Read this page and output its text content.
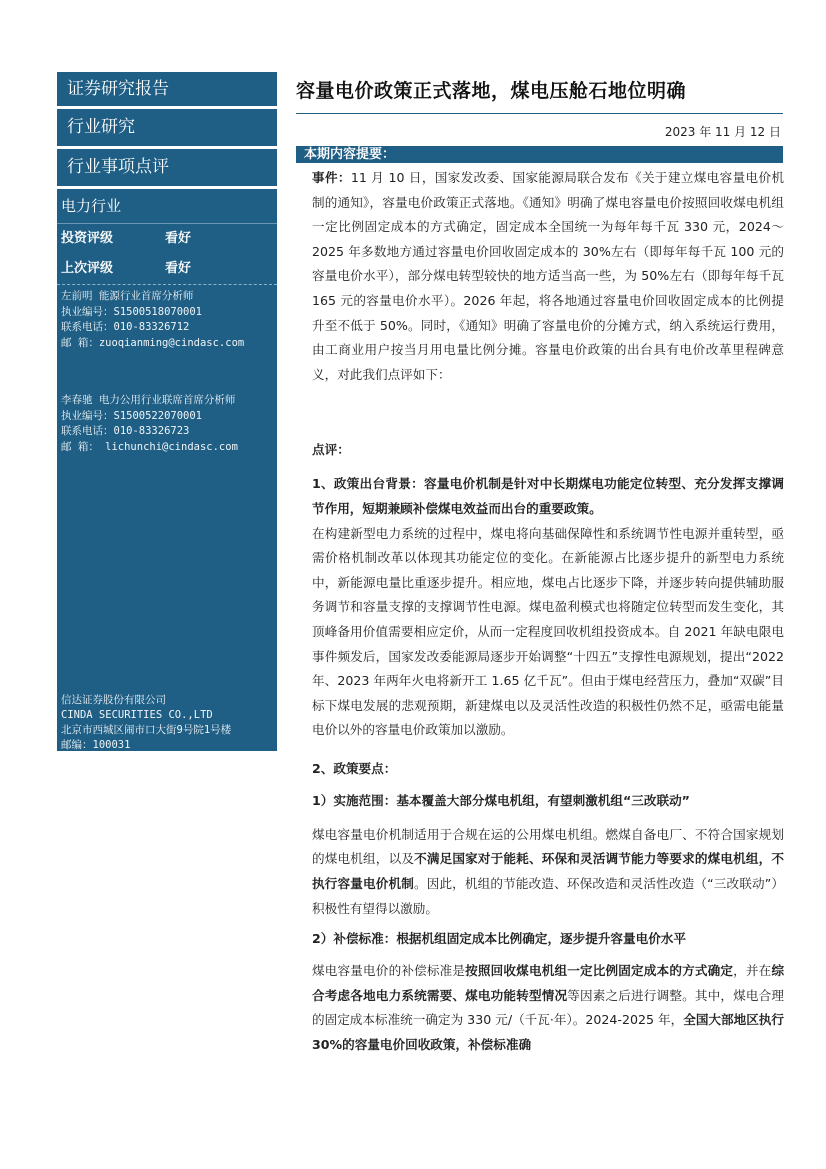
证券研究报告
行业研究
行业事项点评
电力行业
投资评级	看好
上次评级	看好
左前明 能源行业首席分析师
执业编号：S1500518070001
联系电话：010-83326712
邮 箱：zuoqianming@cindasc.com
李春驰 电力公用行业联席首席分析师
执业编号：S1500522070001
联系电话：010-83326723
邮 箱： lichunchi@cindasc.com
信达证券股份有限公司
CINDA SECURITIES CO.,LTD
北京市西城区闹市口大街9号院1号楼
邮编：100031
容量电价政策正式落地，煤电压舱石地位明确
2023 年 11 月 12 日
本期内容提要：

事件：11 月 10 日，国家发改委、国家能源局联合发布《关于建立煤电容量电价机制的通知》，容量电价政策正式落地。《通知》明确了煤电容量电价按照回收煤电机组一定比例固定成本的方式确定，固定成本全国统一为每年每千瓦 330 元，2024～2025 年多数地方通过容量电价回收固定成本的 30%左右（即每年每千瓦 100 元的容量电价水平），部分煤电转型较快的地方适当高一些，为 50%左右（即每年每千瓦 165 元的容量电价水平）。2026 年起，将各地通过容量电价回收固定成本的比例提升至不低于 50%。同时，《通知》明确了容量电价的分摊方式，纳入系统运行费用，由工商业用户按当月用电量比例分摊。容量电价政策的出台具有电价改革里程碑意义，对此我们点评如下：

点评：

1、政策出台背景：容量电价机制是针对中长期煤电功能定位转型、充分发挥支撑调节作用，短期兼顾补偿煤电效益而出台的重要政策。

在构建新型电力系统的过程中，煤电将向基础保障性和系统调节性电源并重转型，亟需价格机制改革以体现其功能定位的变化。在新能源占比逐步提升的新型电力系统中，新能源电量比重逐步提升。相应地，煤电占比逐步下降，并逐步转向提供辅助服务调节和容量支撑的支撑调节性电源。煤电盈利模式也将随定位转型而发生变化，其顶峰备用价值需要相应定价，从而一定程度回收机组投资成本。自 2021 年缺电限电事件频发后，国家发改委能源局逐步开始调整“十四五”支撑性电源规划，提出“2022 年、2023 年两年火电将新开工 1.65 亿千瓦”。但由于煤电经营压力，叠加“双碳”目标下煤电发展的悲观预期，新建煤电以及灵活性改造的积极性仍然不足，亟需电能量电价以外的容量电价政策加以激励。

2、政策要点：

1）实施范围：基本覆盖大部分煤电机组，有望刺激机组“三改联动”

煤电容量电价机制适用于合规在运的公用煤电机组。燃煤自备电厂、不符合国家规划的煤电机组，以及不满足国家对于能耗、环保和灵活调节能力等要求的煤电机组，不执行容量电价机制。因此，机组的节能改造、环保改造和灵活性改造（“三改联动”）积极性有望得以激励。

2）补偿标准：根据机组固定成本比例确定，逐步提升容量电价水平

煤电容量电价的补偿标准是按照回收煤电机组一定比例固定成本的方式确定，并在综合考虑各地电力系统需要、煤电功能转型情况等因素之后进行调整。其中，煤电合理的固定成本标准统一确定为 330 元/（千瓦·年）。2024-2025 年，全国大部地区执行 30%的容量电价回收政策，补偿标准确
